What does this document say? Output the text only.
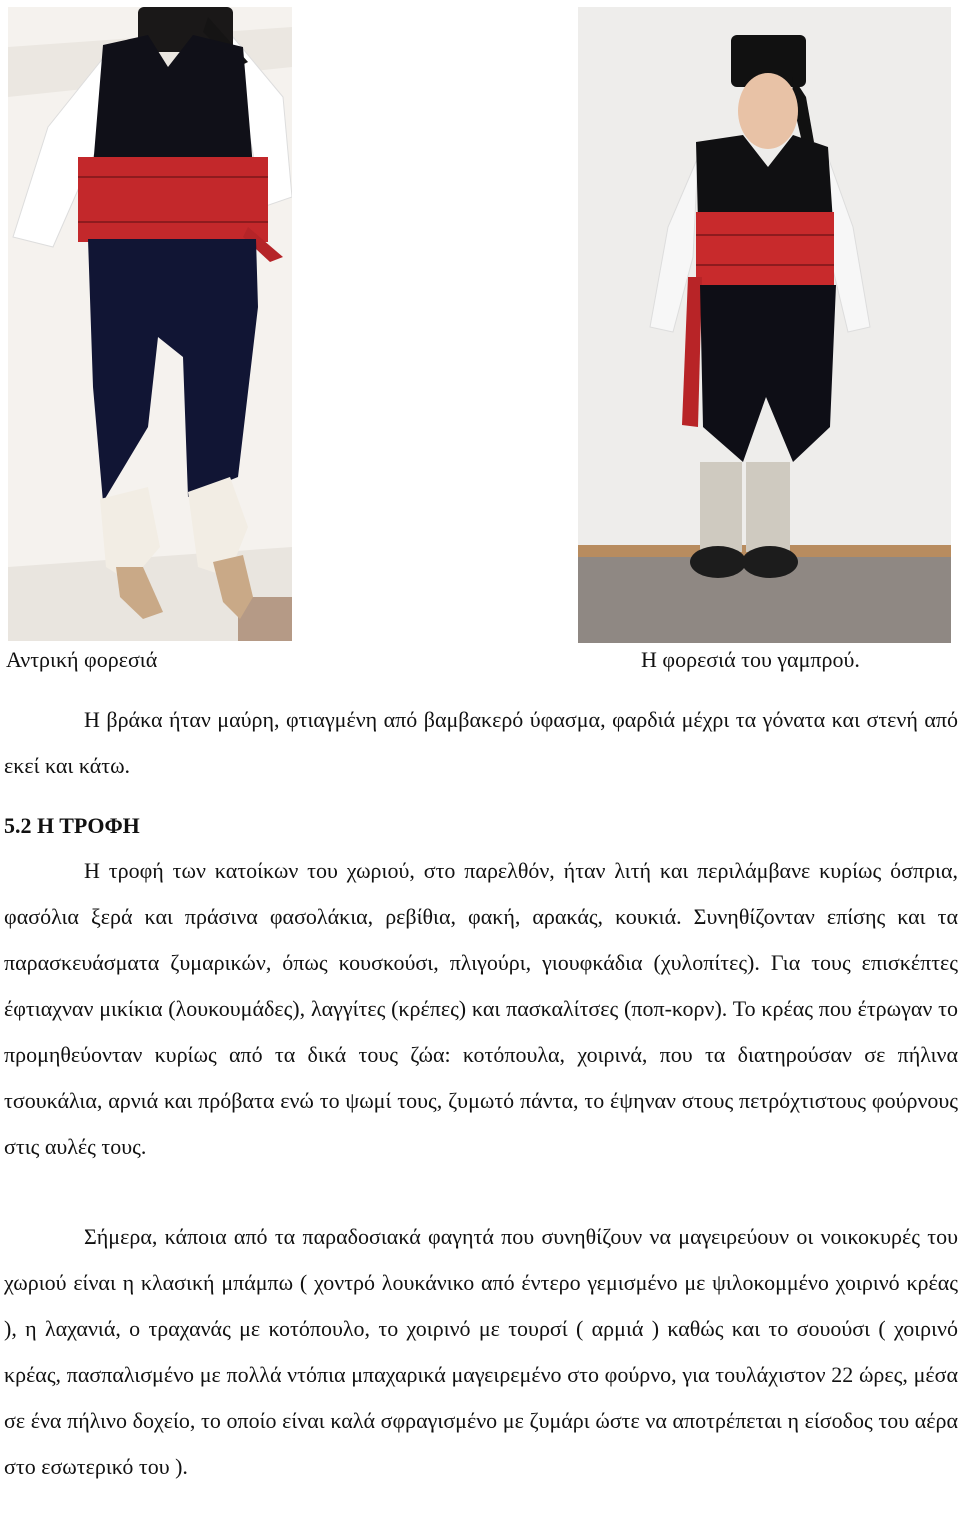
Αντρική φορεσιά	Η φορεσιά του γαμπρού.

Η βράκα ήταν μαύρη, φτιαγμένη από βαμβακερό ύφασμα, φαρδιά μέχρι τα γόνατα και στενή από εκεί και κάτω.

5.2 Η ΤΡΟΦΗ

Η τροφή των κατοίκων του χωριού, στο παρελθόν, ήταν λιτή και περιλάμβανε κυρίως όσπρια, φασόλια ξερά και πράσινα φασολάκια, ρεβίθια, φακή, αρακάς, κουκιά. Συνηθίζονταν επίσης και τα παρασκευάσματα ζυμαρικών, όπως κουσκούσι, πλιγούρι, γιουφκάδια (χυλοπίτες). Για τους επισκέπτες έφτιαχναν μικίκια (λουκουμάδες), λαγγίτες (κρέπες) και πασκαλίτσες (ποπ-κορν). Το κρέας που έτρωγαν το προμηθεύονταν κυρίως από τα δικά τους ζώα: κοτόπουλα, χοιρινά, που τα διατηρούσαν σε πήλινα τσουκάλια, αρνιά και πρόβατα ενώ το ψωμί τους, ζυμωτό πάντα, το έψηναν στους πετρόχτιστους φούρνους στις αυλές τους.

Σήμερα, κάποια από τα παραδοσιακά φαγητά που συνηθίζουν να μαγειρεύουν οι νοικοκυρές του χωριού είναι η κλασική μπάμπω ( χοντρό λουκάνικο από έντερο γεμισμένο με ψιλοκομμένο χοιρινό κρέας ), η λαχανιά, ο τραχανάς με κοτόπουλο, το χοιρινό με τουρσί ( αρμιά ) καθώς και το σουούσι ( χοιρινό κρέας, πασπαλισμένο με πολλά ντόπια μπαχαρικά μαγειρεμένο στο φούρνο, για τουλάχιστον 22 ώρες, μέσα σε ένα πήλινο δοχείο, το οποίο είναι καλά σφραγισμένο με ζυμάρι ώστε να αποτρέπεται η είσοδος του αέρα στο εσωτερικό του ).
